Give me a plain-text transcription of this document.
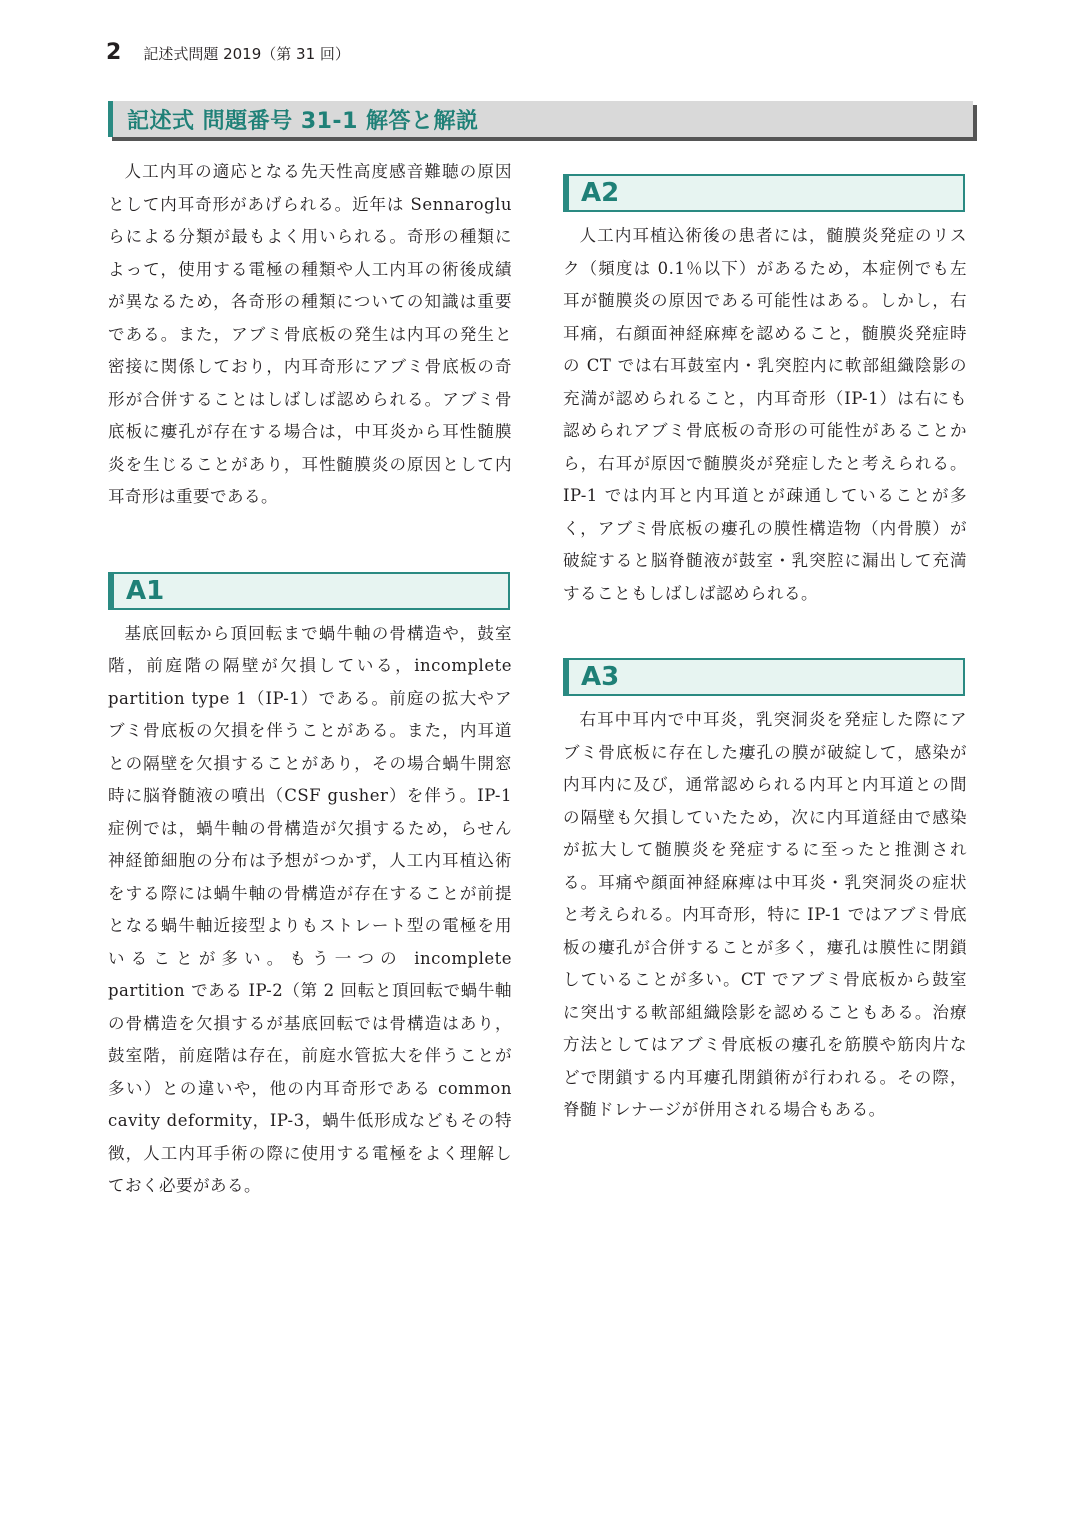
2 記述式問題 2019（第 31 回）
記述式 問題番号 31-1 解答と解説

人工内耳の適応となる先天性高度感音難聴の原因として内耳奇形があげられる。近年は Sennaroglu らによる分類が最もよく用いられる。奇形の種類によって，使用する電極の種類や人工内耳の術後成績が異なるため，各奇形の種類についての知識は重要である。また，アブミ骨底板の発生は内耳の発生と密接に関係しており，内耳奇形にアブミ骨底板の奇形が合併することはしばしば認められる。アブミ骨底板に瘻孔が存在する場合は，中耳炎から耳性髄膜炎を生じることがあり，耳性髄膜炎の原因として内耳奇形は重要である。

A1

基底回転から頂回転まで蝸牛軸の骨構造や，鼓室階，前庭階の隔壁が欠損している，incomplete partition type 1（IP-1）である。前庭の拡大やアブミ骨底板の欠損を伴うことがある。また，内耳道との隔壁を欠損することがあり，その場合蝸牛開窓時に脳脊髄液の噴出（CSF gusher）を伴う。IP-1 症例では，蝸牛軸の骨構造が欠損するため，らせん神経節細胞の分布は予想がつかず，人工内耳植込術をする際には蝸牛軸の骨構造が存在することが前提となる蝸牛軸近接型よりもストレート型の電極を用いることが多い。もう一つの incomplete partition である IP-2（第 2 回転と頂回転で蝸牛軸の骨構造を欠損するが基底回転では骨構造はあり，鼓室階，前庭階は存在，前庭水管拡大を伴うことが多い）との違いや，他の内耳奇形である common cavity deformity，IP-3，蝸牛低形成などもその特徴，人工内耳手術の際に使用する電極をよく理解しておく必要がある。

A2

人工内耳植込術後の患者には，髄膜炎発症のリスク（頻度は 0.1％以下）があるため，本症例でも左耳が髄膜炎の原因である可能性はある。しかし，右耳痛，右顔面神経麻痺を認めること，髄膜炎発症時の CT では右耳鼓室内・乳突腔内に軟部組織陰影の充満が認められること，内耳奇形（IP-1）は右にも認められアブミ骨底板の奇形の可能性があることから，右耳が原因で髄膜炎が発症したと考えられる。IP-1 では内耳と内耳道とが疎通していることが多く，アブミ骨底板の瘻孔の膜性構造物（内骨膜）が破綻すると脳脊髄液が鼓室・乳突腔に漏出して充満することもしばしば認められる。

A3

右耳中耳内で中耳炎，乳突洞炎を発症した際にアブミ骨底板に存在した瘻孔の膜が破綻して，感染が内耳内に及び，通常認められる内耳と内耳道との間の隔壁も欠損していたため，次に内耳道経由で感染が拡大して髄膜炎を発症するに至ったと推測される。耳痛や顔面神経麻痺は中耳炎・乳突洞炎の症状と考えられる。内耳奇形，特に IP-1 ではアブミ骨底板の瘻孔が合併することが多く，瘻孔は膜性に閉鎖していることが多い。CT でアブミ骨底板から鼓室に突出する軟部組織陰影を認めることもある。治療方法としてはアブミ骨底板の瘻孔を筋膜や筋肉片などで閉鎖する内耳瘻孔閉鎖術が行われる。その際，脊髄ドレナージが併用される場合もある。
